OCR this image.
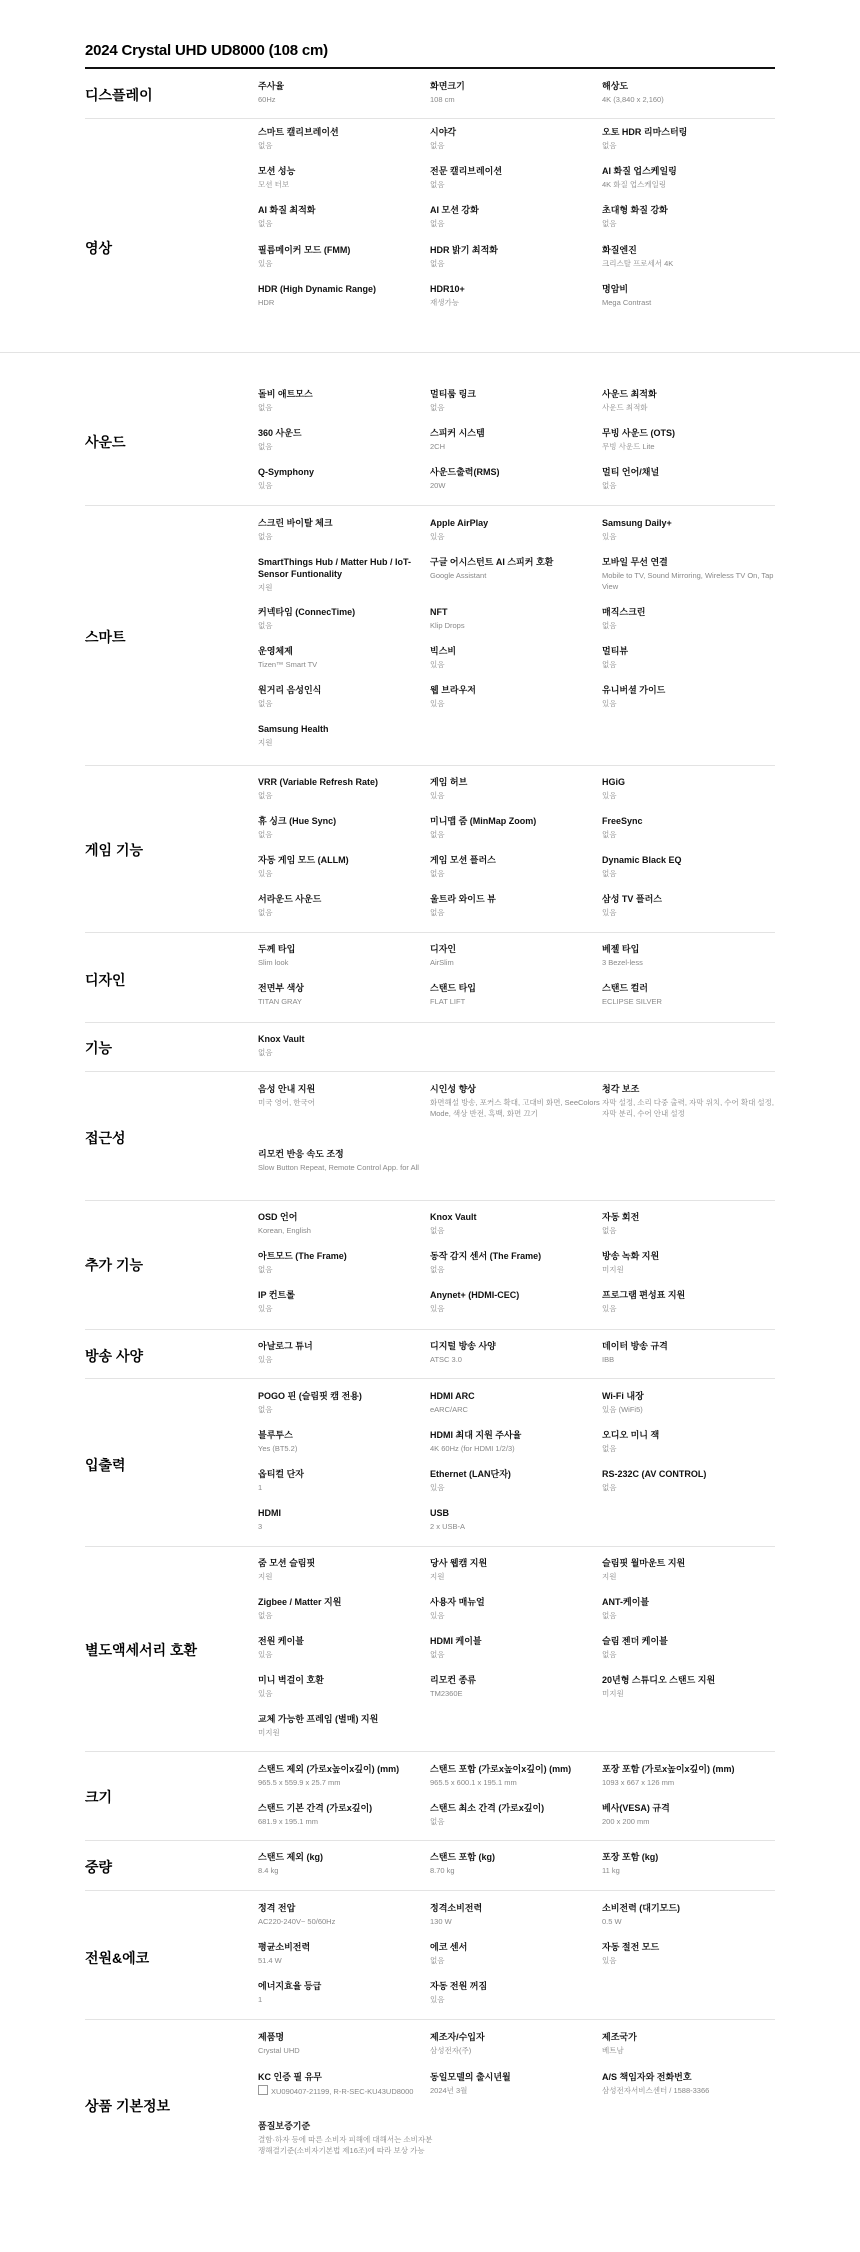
2024 Crystal UHD UD8000 (108 cm)
디스플레이
주사율
60Hz
화면크기
108 cm
해상도
4K (3,840 x 2,160)
영상
스마트 캘리브레이션
없음
시야각
없음
오토 HDR 리마스터링
없음
모션 성능
모션 터보
전문 캘리브레이션
없음
AI 화질 업스케일링
4K 화질 업스케일링
AI 화질 최적화
없음
AI 모션 강화
없음
초대형 화질 강화
없음
필름메이커 모드 (FMM)
있음
HDR 밝기 최적화
없음
화질엔진
크리스탈 프로세서 4K
HDR (High Dynamic Range)
HDR
HDR10+
재생가능
명암비
Mega Contrast
사운드
돌비 애트모스
없음
멀티룸 링크
없음
사운드 최적화
사운드 최적화
360 사운드
없음
스피커 시스템
2CH
무빙 사운드 (OTS)
무빙 사운드 Lite
Q-Symphony
있음
사운드출력(RMS)
20W
멀티 언어/채널
없음
스마트
스크린 바이탈 체크
없음
Apple AirPlay
있음
Samsung Daily+
있음
SmartThings Hub / Matter Hub / IoT-Sensor Funtionality
지원
구글 어시스턴트 AI 스피커 호환
Google Assistant
모바일 무선 연결
Mobile to TV, Sound Mirroring, Wireless TV On, Tap View
커넥타임 (ConnecTime)
없음
NFT
Klip Drops
매직스크린
없음
운영체제
Tizen™ Smart TV
빅스비
있음
멀티뷰
없음
원거리 음성인식
없음
웹 브라우저
있음
유니버셜 가이드
있음
Samsung Health
지원
게임 기능
VRR (Variable Refresh Rate)
없음
게임 허브
있음
HGiG
있음
휴 싱크 (Hue Sync)
없음
미니맵 줌 (MinMap Zoom)
없음
FreeSync
없음
자동 게임 모드 (ALLM)
있음
게임 모션 플러스
없음
Dynamic Black EQ
없음
서라운드 사운드
없음
울트라 와이드 뷰
없음
삼성 TV 플러스
있음
디자인
두께 타입
Slim look
디자인
AirSlim
베젤 타입
3 Bezel-less
전면부 색상
TITAN GRAY
스탠드 타입
FLAT LIFT
스탠드 컬러
ECLIPSE SILVER
기능
Knox Vault
없음
접근성
음성 안내 지원
미국 영어, 한국어
시인성 향상
화면해설 방송, 포커스 확대, 고대비 화면, SeeColors Mode, 색상 반전, 흑백, 화면 끄기
청각 보조
자막 설정, 소리 다중 출력, 자막 위치, 수어 확대 설정, 자막 분리, 수어 안내 설정
리모컨 반응 속도 조정
Slow Button Repeat, Remote Control App. for All
추가 기능
OSD 언어
Korean, English
Knox Vault
없음
자동 회전
없음
아트모드 (The Frame)
없음
동작 감지 센서 (The Frame)
없음
방송 녹화 지원
미지원
IP 컨트롤
있음
Anynet+ (HDMI-CEC)
있음
프로그램 편성표 지원
있음
방송 사양
아날로그 튜너
있음
디지털 방송 사양
ATSC 3.0
데이터 방송 규격
IBB
입출력
POGO 핀 (슬림핏 캠 전용)
없음
HDMI ARC
eARC/ARC
Wi-Fi 내장
있음 (WiFi5)
블루투스
Yes (BT5.2)
HDMI 최대 지원 주사율
4K 60Hz (for HDMI 1/2/3)
오디오 미니 잭
없음
옵티컬 단자
1
Ethernet (LAN단자)
있음
RS-232C (AV CONTROL)
없음
HDMI
3
USB
2 x USB-A
별도액세서리 호환
줌 모션 슬림핏
지원
당사 웹캠 지원
지원
슬림핏 월마운트 지원
지원
Zigbee / Matter 지원
없음
사용자 매뉴얼
있음
ANT-케이블
없음
전원 케이블
있음
HDMI 케이블
없음
슬림 젠더 케이블
없음
미니 벽걸이 호환
있음
리모컨 종류
TM2360E
20년형 스튜디오 스탠드 지원
미지원
교체 가능한 프레임 (별매) 지원
미지원
크기
스탠드 제외 (가로x높이x깊이) (mm)
965.5 x 559.9 x 25.7 mm
스탠드 포함 (가로x높이x깊이) (mm)
965.5 x 600.1 x 195.1 mm
포장 포함 (가로x높이x깊이) (mm)
1093 x 667 x 126 mm
스탠드 기본 간격 (가로x깊이)
681.9 x 195.1 mm
스탠드 최소 간격 (가로x깊이)
없음
베사(VESA) 규격
200 x 200 mm
중량
스탠드 제외 (kg)
8.4 kg
스탠드 포함 (kg)
8.70 kg
포장 포함 (kg)
11 kg
전원&에코
정격 전압
AC220-240V~ 50/60Hz
정격소비전력
130 W
소비전력 (대기모드)
0.5 W
평균소비전력
51.4 W
에코 센서
없음
자동 절전 모드
있음
에너지효율 등급
1
자동 전원 꺼짐
있음
상품 기본정보
제품명
Crystal UHD
제조자/수입자
삼성전자(주)
제조국가
베트남
KC 인증 필 유무
XU090407-21199, R-R-SEC-KU43UD8000
동일모델의 출시년월
2024년 3월
A/S 책임자와 전화번호
삼성전자서비스센터 / 1588-3366
품질보증기준
결함·하자 등에 따른 소비자 피해에 대해서는 소비자분쟁해결기준(소비자기본법 제16조)에 따라 보상 가능
